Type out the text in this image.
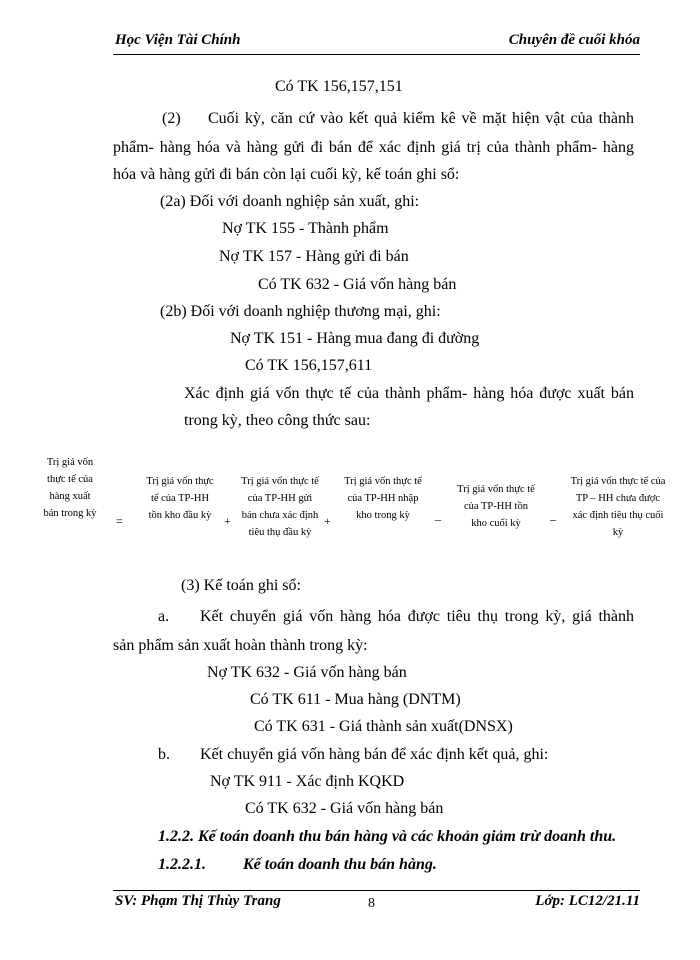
Học Viện Tài Chính	Chuyên đề cuối khóa
Có TK 156,157,151
(2) Cuối kỳ, căn cứ vào kết quả kiểm kê về mặt hiện vật của thành
phẩm- hàng hóa và hàng gửi đi bán để xác định giá trị của thành phẩm- hàng
hóa và hàng gửi đi bán còn lại cuối kỳ, kế toán ghi sổ:
(2a) Đối với doanh nghiệp sản xuất, ghi:
Nợ TK 155 - Thành phẩm
Nợ TK 157 - Hàng gửi đi bán
Có TK 632 - Giá vốn hàng bán
(2b) Đối với doanh nghiệp thương mại, ghi:
Nợ TK 151 - Hàng mua đang đi đường
Có TK 156,157,611
Xác định giá vốn thực tế của thành phẩm- hàng hóa được xuất bán
trong kỳ, theo công thức sau:
Trị giá vốn thực tế của hàng xuất bán trong kỳ
=
Trị giá vốn thực tế của TP-HH tồn kho đầu kỳ	+
Trị giá vốn thực tế của TP-HH gửi bán chưa xác định tiêu thụ đầu kỳ
+
Trị giá vốn thực tế của TP-HH nhập kho trong kỳ	_
Trị giá vốn thực tế của TP-HH tồn kho cuối kỳ
_
Trị giá vốn thực tế của TP – HH chưa được xác định tiêu thụ cuối kỳ
(3) Kế toán ghi sổ:
a. Kết chuyển giá vốn hàng hóa được tiêu thụ trong kỳ, giá thành
sản phẩm sản xuất hoàn thành trong kỳ:
Nợ TK 632 - Giá vốn hàng bán
Có TK 611 - Mua hàng (DNTM)
Có TK 631 - Giá thành sản xuất(DNSX)
b. Kết chuyển giá vốn hàng bán để xác định kết quả, ghi:
Nợ TK 911 - Xác định KQKD
Có TK 632 - Giá vốn hàng bán
1.2.2. Kế toán doanh thu bán hàng và các khoản giảm trừ doanh thu.
1.2.2.1. Kế toán doanh thu bán hàng.
SV: Phạm Thị Thùy Trang	8	Lớp: LC12/21.11
